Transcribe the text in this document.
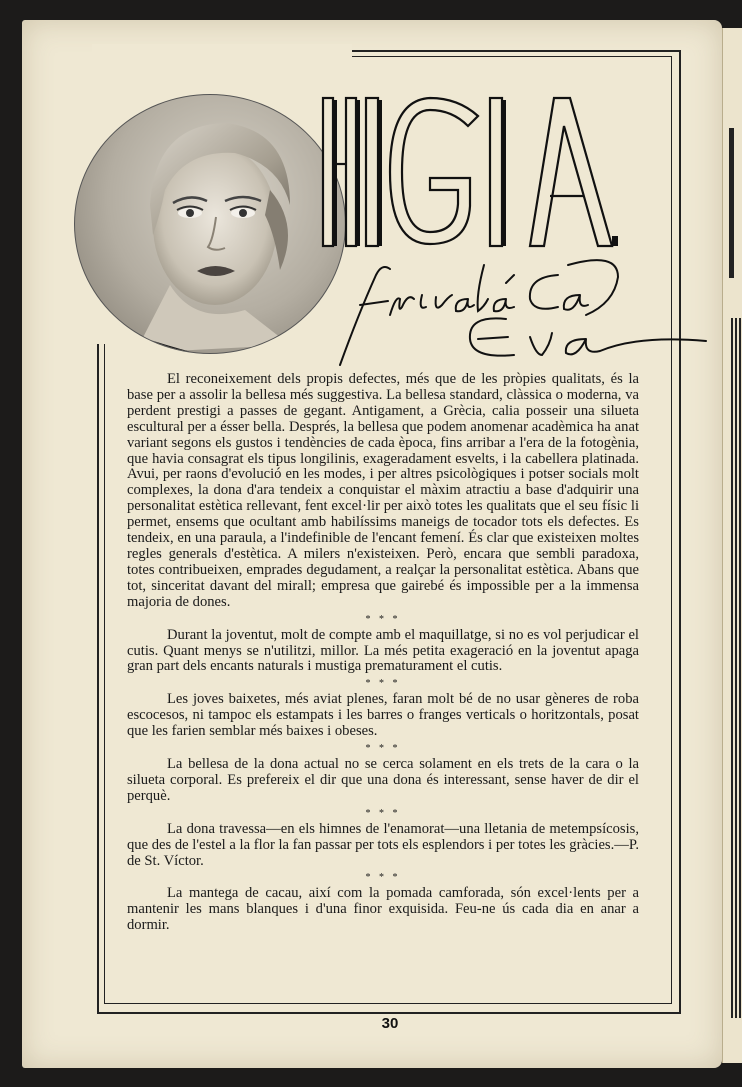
El reconeixement dels propis defectes, més que de les pròpies qualitats, és la base per a assolir la bellesa més suggestiva. La bellesa standard, clàssica o moderna, va perdent prestigi a passes de gegant. Antigament, a Grècia, calia posseir una silueta escultural per a ésser bella. Després, la bellesa que podem anomenar acadèmica ha anat variant segons els gustos i tendències de cada època, fins arribar a l'era de la fotogènia, que havia consagrat els tipus longilinis, exageradament esvelts, i la cabellera platinada. Avui, per raons d'evolució en les modes, i per altres psicològiques i potser socials molt complexes, la dona d'ara tendeix a conquistar el màxim atractiu a base d'adquirir una personalitat estètica rellevant, fent excel·lir per això totes les qualitats que el seu físic li permet, ensems que ocultant amb habilíssims maneigs de tocador tots els defectes. Es tendeix, en una paraula, a l'indefinible de l'encant femení. És clar que existeixen moltes regles generals d'estètica. A milers n'existeixen. Però, encara que sembli paradoxa, totes contribueixen, emprades degudament, a realçar la personalitat estètica. Abans que tot, sinceritat davant del mirall; empresa que gairebé és impossible per a la immensa majoria de dones.

* * *

Durant la joventut, molt de compte amb el maquillatge, si no es vol perjudicar el cutis. Quant menys se n'utilitzi, millor. La més petita exageració en la joventut apaga gran part dels encants naturals i mustiga prematurament el cutis.

* * *

Les joves baixetes, més aviat plenes, faran molt bé de no usar gèneres de roba escocesos, ni tampoc els estampats i les barres o franges verticals o horitzontals, posat que les farien semblar més baixes i obeses.

* * *

La bellesa de la dona actual no se cerca solament en els trets de la cara o la silueta corporal. Es prefereix el dir que una dona és interessant, sense haver de dir el perquè.

* * *

La dona travessa—en els himnes de l'enamorat—una lletania de metempsícosis, que des de l'estel a la flor la fan passar per tots els esplendors i per totes les gràcies.—P. de St. Víctor.

* * *

La mantega de cacau, així com la pomada camforada, són excel·lents per a mantenir les mans blanques i d'una finor exquisida. Feu-ne ús cada dia en anar a dormir.

30
